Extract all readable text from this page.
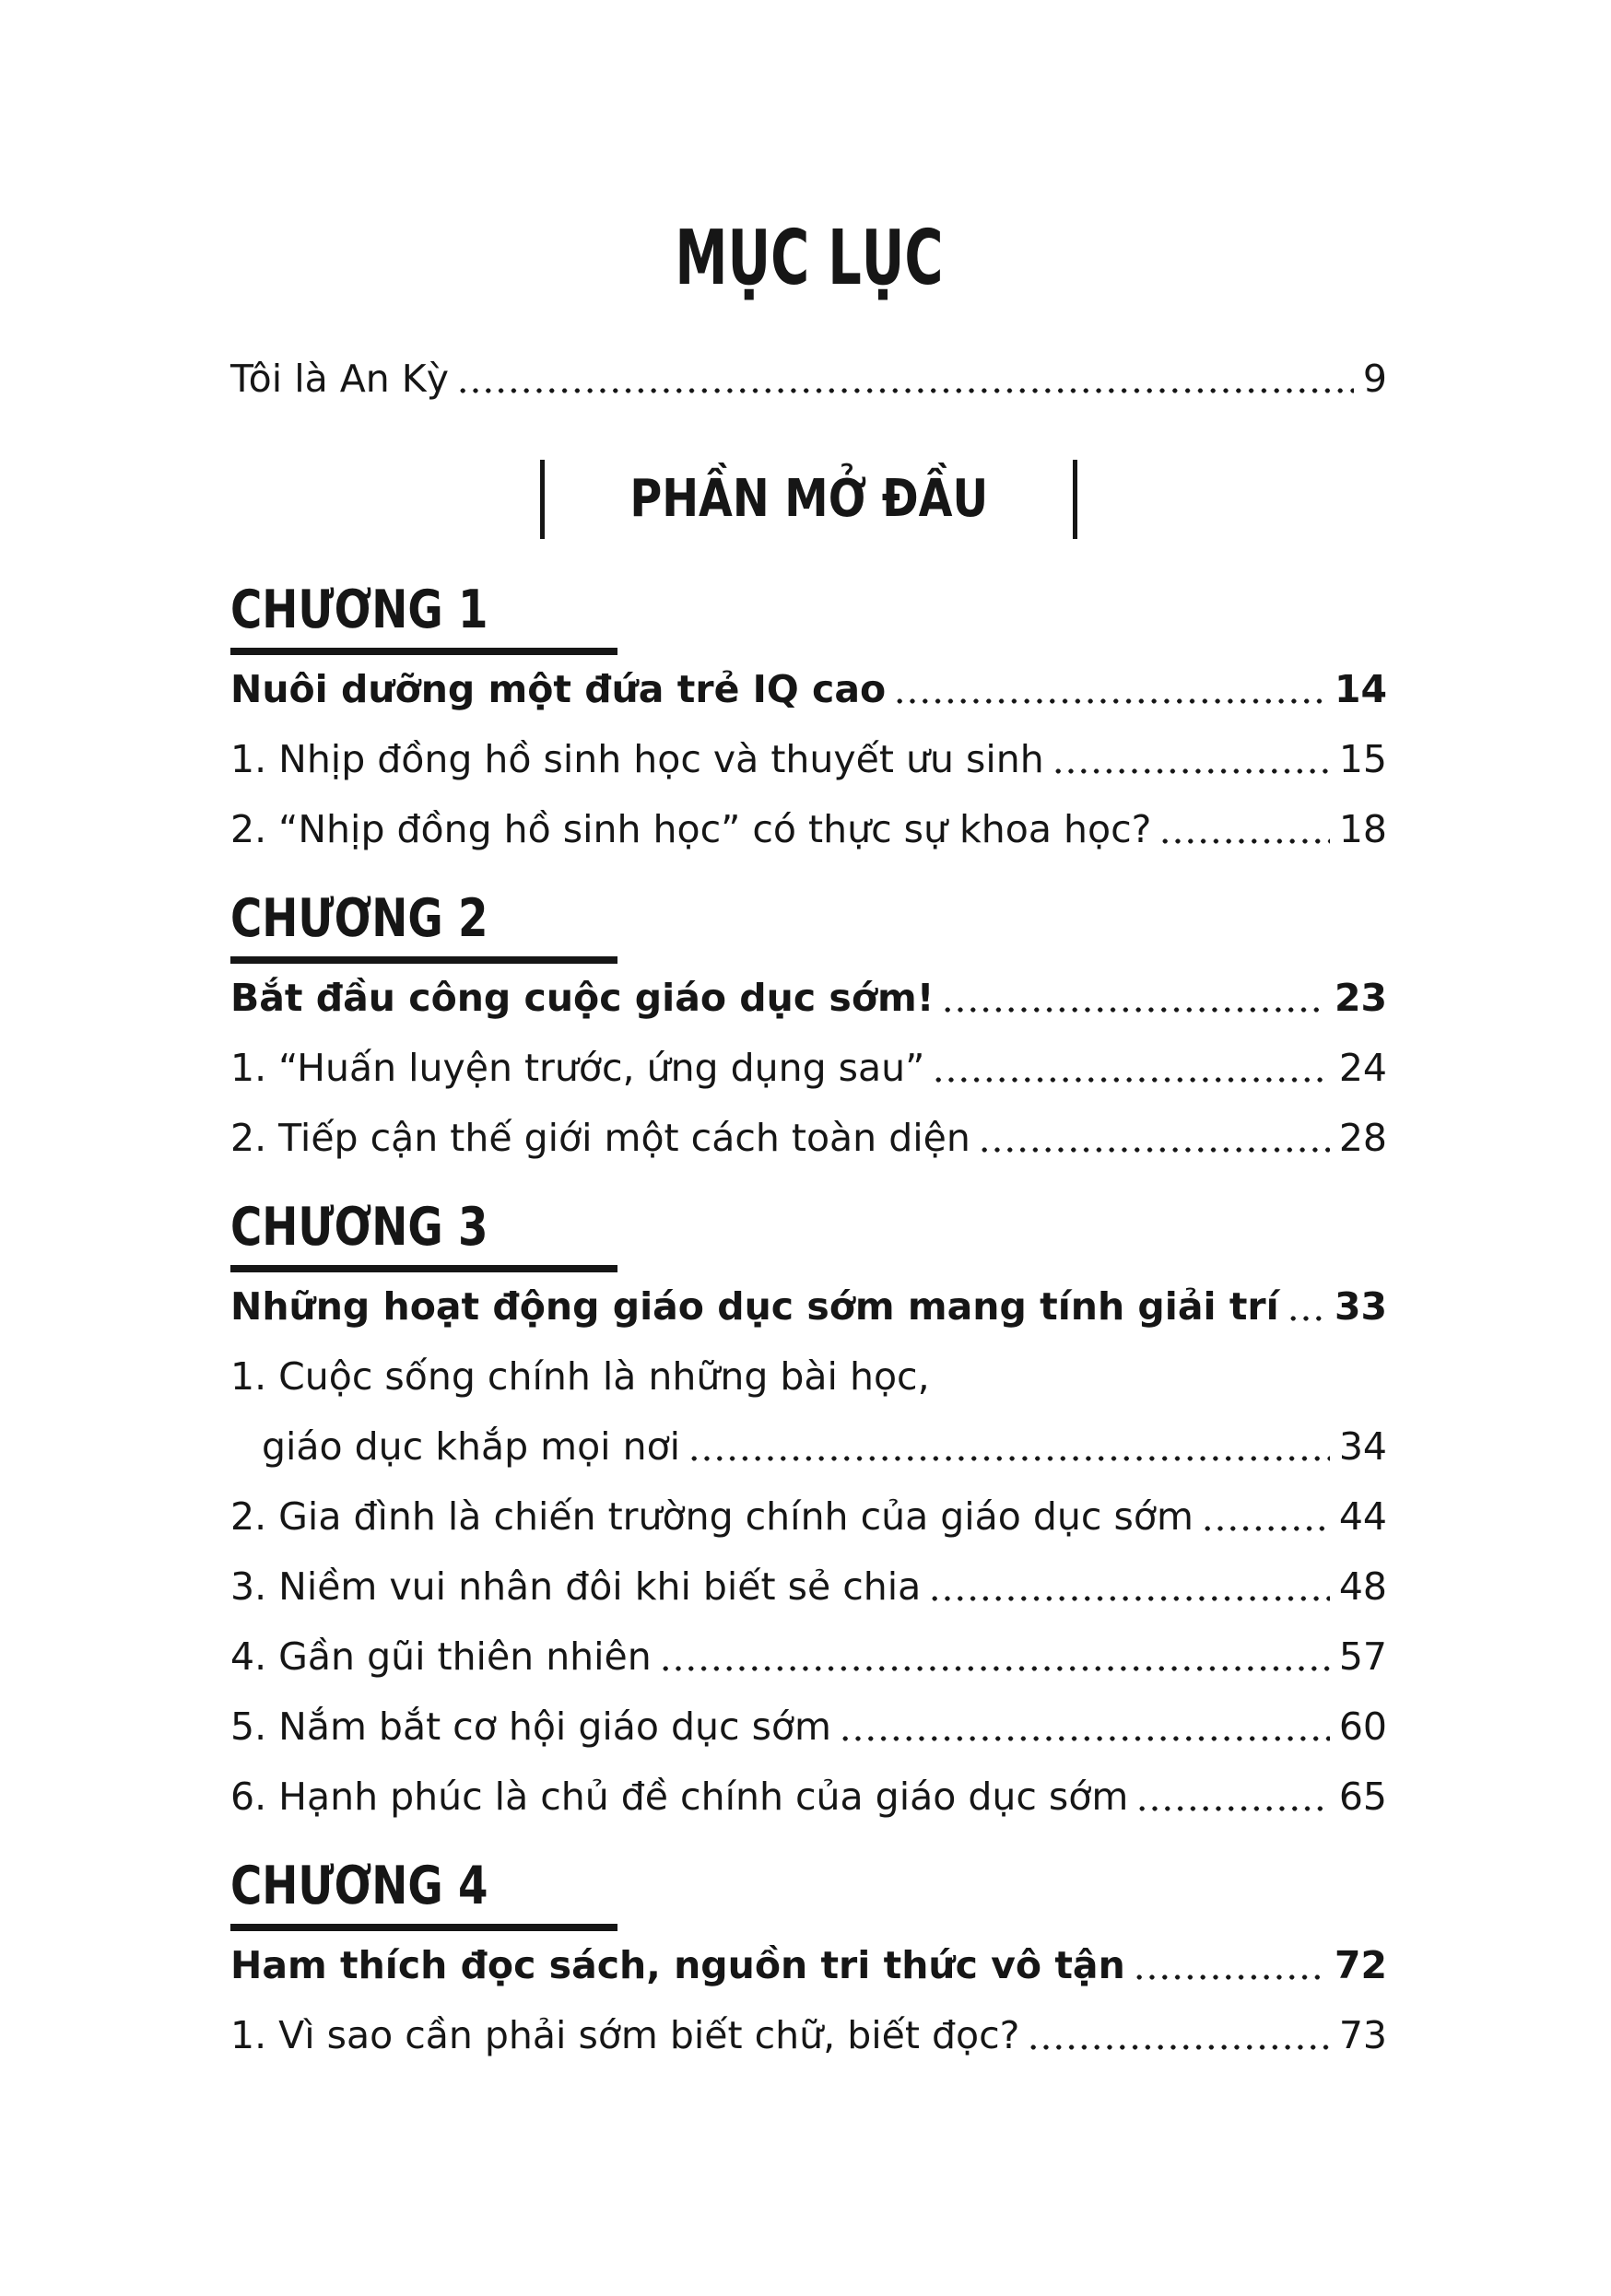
MỤC LỤC
Tôi là An Kỳ	9
PHẦN MỞ ĐẦU
CHƯƠNG 1
Nuôi dưỡng một đứa trẻ IQ cao	14
1. Nhịp đồng hồ sinh học và thuyết ưu sinh	15
2. “Nhịp đồng hồ sinh học” có thực sự khoa học?	18
CHƯƠNG 2
Bắt đầu công cuộc giáo dục sớm!	23
1. “Huấn luyện trước, ứng dụng sau”	24
2. Tiếp cận thế giới một cách toàn diện	28
CHƯƠNG 3
Những hoạt động giáo dục sớm mang tính giải trí 33
1. Cuộc sống chính là những bài học,
giáo dục khắp mọi nơi	34
2. Gia đình là chiến trường chính của giáo dục sớm	44
3. Niềm vui nhân đôi khi biết sẻ chia	48
4. Gần gũi thiên nhiên	57
5. Nắm bắt cơ hội giáo dục sớm	60
6. Hạnh phúc là chủ đề chính của giáo dục sớm	65
CHƯƠNG 4
Ham thích đọc sách, nguồn tri thức vô tận	72
1. Vì sao cần phải sớm biết chữ, biết đọc?	73
